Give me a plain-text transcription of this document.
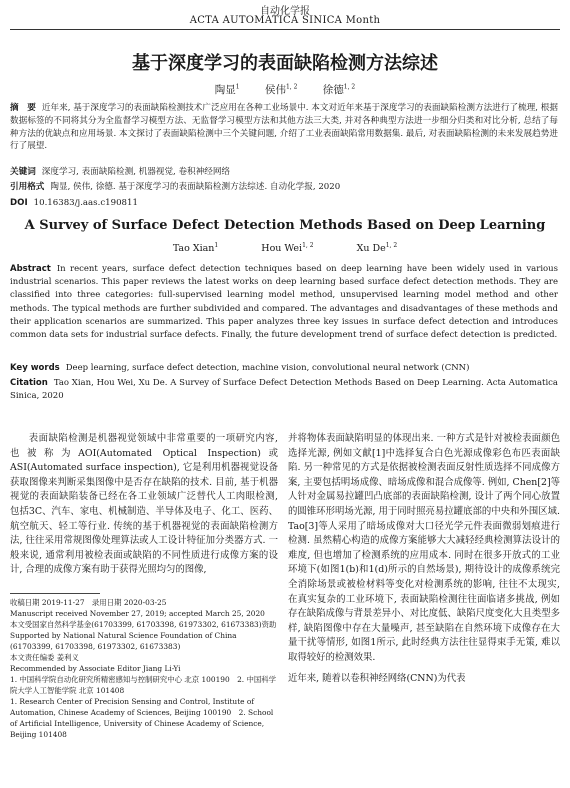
自动化学报
ACTA AUTOMATICA SINICA Month
基于深度学习的表面缺陷检测方法综述
陶显$^1$ 侯伟$^{1, 2}$ 徐德$^{1, 2}$
摘　要 近年来, 基于深度学习的表面缺陷检测技术广泛应用在各种工业场景中. 本文对近年来基于深度学习的表面缺陷检测方法进行了梳理, 根据数据标签的不同将其分为全监督学习模型方法、无监督学习模型方法和其他方法三大类, 并对各种典型方法进一步细分归类和对比分析, 总结了每种方法的优缺点和应用场景. 本文探讨了表面缺陷检测中三个关键问题, 介绍了工业表面缺陷常用数据集. 最后, 对表面缺陷检测的未来发展趋势进行了展望.
关键词 深度学习, 表面缺陷检测, 机器视觉, 卷积神经网络
引用格式 陶显, 侯伟, 徐德. 基于深度学习的表面缺陷检测方法综述. 自动化学报, 2020
DOI 10.16383/j.aas.c190811
A Survey of Surface Defect Detection Methods Based on Deep Learning
Tao Xian$^1$	Hou Wei$^{1, 2}$	Xu De$^{1, 2}$
Abstract In recent years, surface defect detection techniques based on deep learning have been widely used in various industrial scenarios. This paper reviews the latest works on deep learning based surface defect detection methods. They are classified into three categories: full-supervised learning model method, unsupervised learning model method and other methods. The typical methods are further subdivided and compared. The advantages and disadvantages of these methods and their application scenarios are summarized. This paper analyzes three key issues in surface defect detection and introduces common data sets for industrial surface defects. Finally, the future development trend of surface defect detection is predicted.
Key words Deep learning, surface defect detection, machine vision, convolutional neural network (CNN)
Citation Tao Xian, Hou Wei, Xu De. A Survey of Surface Defect Detection Methods Based on Deep Learning. Acta Automatica Sinica, 2020

表面缺陷检测是机器视觉领域中非常重要的一项研究内容, 也被称为AOI(Automated Optical Inspection)或ASI(Automated surface inspection), 它是利用机器视觉设备获取图像来判断采集图像中是否存在缺陷的技术. 目前, 基于机器视觉的表面缺陷装备已经在各工业领域广泛替代人工肉眼检测, 包括3C、汽车、家电、机械制造、半导体及电子、化工、医药、航空航天、轻工等行业. 传统的基于机器视觉的表面缺陷检测方法, 往往采用常规图像处理算法或人工设计特征加分类器方式. 一般来说, 通常利用被检表面或缺陷的不同性质进行成像方案的设计, 合理的成像方案有助于获得光照均匀的图像,

并将物体表面缺陷明显的体现出来. 一种方式是针对被检表面颜色选择光源, 例如文献[1]中选择复合白色光源成像彩色布匹表面缺陷. 另一种常见的方式是依据被检测表面反射性质选择不同成像方案, 主要包括明场成像、暗场成像和混合成像等. 例如, Chen[2]等人针对金属易拉罐凹凸底部的表面缺陷检测, 设计了两个同心放置的圆锥环形明场光源, 用于同时照亮易拉罐底部的中央和外围区域. Tao[3]等人采用了暗场成像对大口径光学元件表面微弱划痕进行检测. 虽然精心构造的成像方案能够大大减轻经典检测算法设计的难度, 但也增加了检测系统的应用成本. 同时在很多开放式的工业环境下(如图1(b)和1(d)所示的自然场景), 期待设计的成像系统完全消除场景或被检材料等变化对检测系统的影响, 往往不太现实, 在真实复杂的工业环境下, 表面缺陷检测往往面临诸多挑战, 例如存在缺陷成像与背景差异小、对比度低、缺陷尺度变化大且类型多样, 缺陷图像中存在大量噪声, 甚至缺陷在自然环境下成像存在大量干扰等情形, 如图1所示, 此时经典方法往往显得束手无策, 难以取得较好的检测效果.

近年来, 随着以卷积神经网络(CNN)为代表

收稿日期 2019-11-27　录用日期 2020-03-25
Manuscript received November 27, 2019; accepted March 25, 2020
本文受国家自然科学基金(61703399, 61703398, 61973302, 61673383)资助
Supported by National Natural Science Foundation of China (61703399, 61703398, 61973302, 61673383)
本文责任编委 姜利义
Recommended by Associate Editor Jiang Li-Yi
1. 中国科学院自动化研究所精密感知与控制研究中心 北京 100190　2. 中国科学院大学人工智能学院 北京 101408
1. Research Center of Precision Sensing and Control, Institute of Automation, Chinese Academy of Sciences, Beijing 100190　2. School of Artificial Intelligence, University of Chinese Academy of Science, Beijing 101408
